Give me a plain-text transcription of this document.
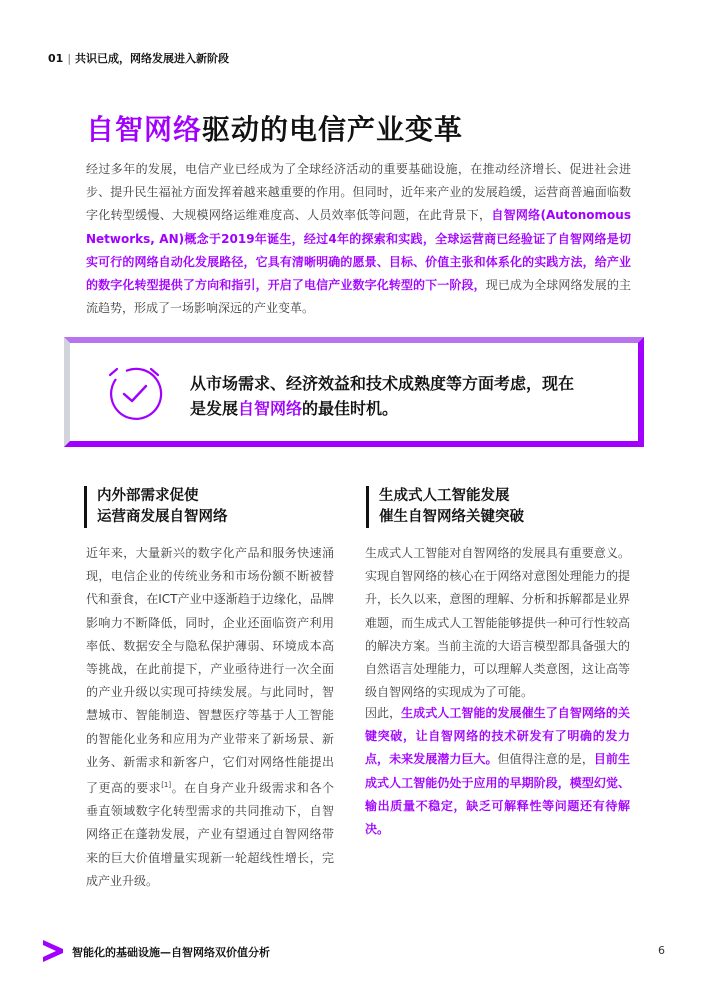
01 | 共识已成，网络发展进入新阶段
自智网络驱动的电信产业变革

经过多年的发展，电信产业已经成为了全球经济活动的重要基础设施，在推动经济增长、促进社会进步、提升民生福祉方面发挥着越来越重要的作用。但同时，近年来产业的发展趋缓，运营商普遍面临数字化转型缓慢、大规模网络运维难度高、人员效率低等问题，在此背景下，自智网络(Autonomous Networks, AN)概念于2019年诞生，经过4年的探索和实践，全球运营商已经验证了自智网络是切实可行的网络自动化发展路径，它具有清晰明确的愿景、目标、价值主张和体系化的实践方法，给产业的数字化转型提供了方向和指引，开启了电信产业数字化转型的下一阶段，现已成为全球网络发展的主流趋势，形成了一场影响深远的产业变革。

从市场需求、经济效益和技术成熟度等方面考虑，现在
是发展自智网络的最佳时机。

内外部需求促使
运营商发展自智网络

近年来，大量新兴的数字化产品和服务快速涌现，电信企业的传统业务和市场份额不断被替代和蚕食，在ICT产业中逐渐趋于边缘化，品牌影响力不断降低，同时，企业还面临资产利用率低、数据安全与隐私保护薄弱、环境成本高等挑战，在此前提下，产业亟待进行一次全面的产业升级以实现可持续发展。与此同时，智慧城市、智能制造、智慧医疗等基于人工智能的智能化业务和应用为产业带来了新场景、新业务、新需求和新客户，它们对网络性能提出了更高的要求[1]。在自身产业升级需求和各个垂直领域数字化转型需求的共同推动下，自智网络正在蓬勃发展，产业有望通过自智网络带来的巨大价值增量实现新一轮超线性增长，完成产业升级。

生成式人工智能发展
催生自智网络关键突破

生成式人工智能对自智网络的发展具有重要意义。实现自智网络的核心在于网络对意图处理能力的提升，长久以来，意图的理解、分析和拆解都是业界难题，而生成式人工智能能够提供一种可行性较高的解决方案。当前主流的大语言模型都具备强大的自然语言处理能力，可以理解人类意图，这让高等级自智网络的实现成为了可能。

因此，生成式人工智能的发展催生了自智网络的关键突破，让自智网络的技术研发有了明确的发力点，未来发展潜力巨大。但值得注意的是，目前生成式人工智能仍处于应用的早期阶段，模型幻觉、输出质量不稳定，缺乏可解释性等问题还有待解决。

智能化的基础设施—自智网络双价值分析	6
